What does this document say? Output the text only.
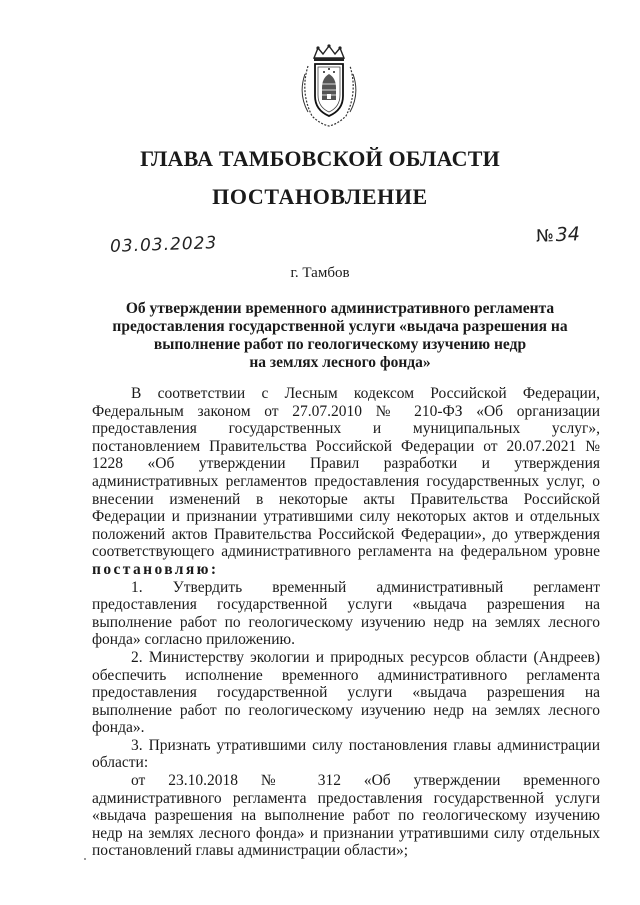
ГЛАВА ТАМБОВСКОЙ ОБЛАСТИ
ПОСТАНОВЛЕНИЕ
03.03.2023	№34
г. Тамбов
Об утверждении временного административного регламента
предоставления государственной услуги «выдача разрешения на
выполнение работ по геологическому изучению недр
на землях лесного фонда»

В соответствии с Лесным кодексом Российской Федерации, Федеральным законом от 27.07.2010 № 210-ФЗ «Об организации предоставления государственных и муниципальных услуг», постановлением Правительства Российской Федерации от 20.07.2021 № 1228 «Об утверждении Правил разработки и утверждения административных регламентов предоставления государственных услуг, о внесении изменений в некоторые акты Правительства Российской Федерации и признании утратившими силу некоторых актов и отдельных положений актов Правительства Российской Федерации», до утверждения соответствующего административного регламента на федеральном уровне постановляю:

1. Утвердить временный административный регламент предоставления государственной услуги «выдача разрешения на выполнение работ по геологическому изучению недр на землях лесного фонда» согласно приложению.

2. Министерству экологии и природных ресурсов области (Андреев) обеспечить исполнение временного административного регламента предоставления государственной услуги «выдача разрешения на выполнение работ по геологическому изучению недр на землях лесного фонда».

3. Признать утратившими силу постановления главы администрации области:

от 23.10.2018 № 312 «Об утверждении временного административного регламента предоставления государственной услуги «выдача разрешения на выполнение работ по геологическому изучению недр на землях лесного фонда» и признании утратившими силу отдельных постановлений главы администрации области»;
